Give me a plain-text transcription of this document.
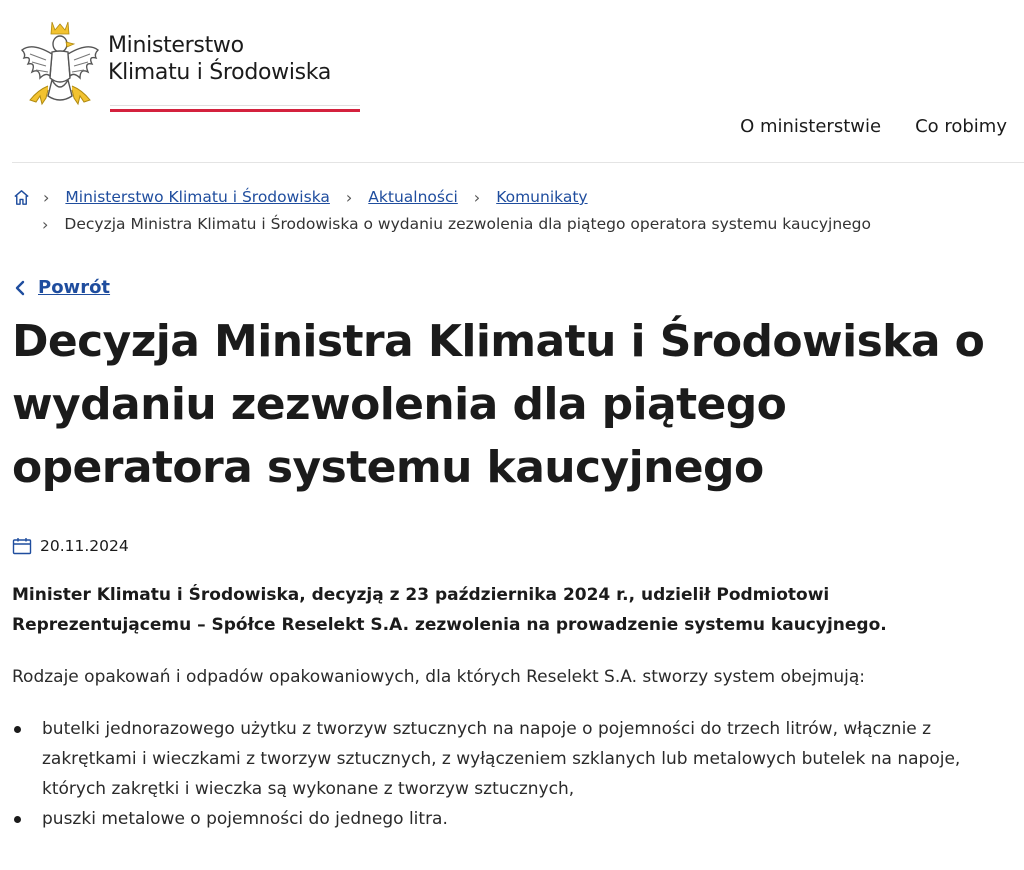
Ministerstwo
Klimatu i Środowiska
O ministerstwie Co robimy
› Ministerstwo Klimatu i Środowiska › Aktualności › Komunikaty
› Decyzja Ministra Klimatu i Środowiska o wydaniu zezwolenia dla piątego operatora systemu kaucyjnego
Powrót
Decyzja Ministra Klimatu i Środowiska o wydaniu zezwolenia dla piątego operatora systemu kaucyjnego
20.11.2024

Minister Klimatu i Środowiska, decyzją z 23 października 2024 r., udzielił Podmiotowi Reprezentującemu – Spółce Reselekt S.A. zezwolenia na prowadzenie systemu kaucyjnego.

Rodzaje opakowań i odpadów opakowaniowych, dla których Reselekt S.A. stworzy system obejmują:

butelki jednorazowego użytku z tworzyw sztucznych na napoje o pojemności do trzech litrów, włącznie z zakrętkami i wieczkami z tworzyw sztucznych, z wyłączeniem szklanych lub metalowych butelek na napoje, których zakrętki i wieczka są wykonane z tworzyw sztucznych,
puszki metalowe o pojemności do jednego litra.
